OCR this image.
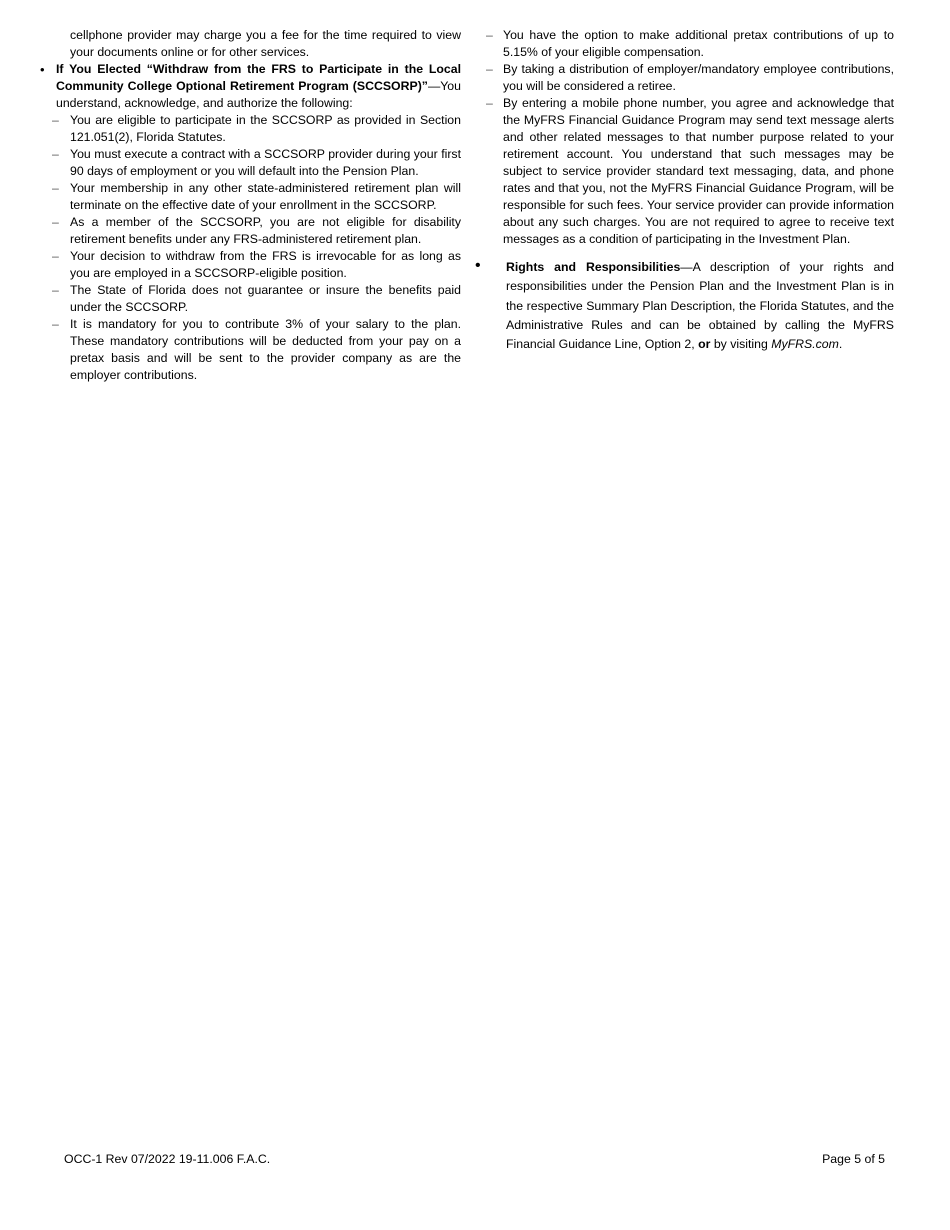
cellphone provider may charge you a fee for the time required to view your documents online or for other services.

• If You Elected “Withdraw from the FRS to Participate in the Local Community College Optional Retirement Program (SCCSORP)”—You understand, acknowledge, and authorize the following:

– You are eligible to participate in the SCCSORP as provided in Section 121.051(2), Florida Statutes.
– You must execute a contract with a SCCSORP provider during your first 90 days of employment or you will default into the Pension Plan.
– Your membership in any other state-administered retirement plan will terminate on the effective date of your enrollment in the SCCSORP.
– As a member of the SCCSORP, you are not eligible for disability retirement benefits under any FRS-administered retirement plan.
– Your decision to withdraw from the FRS is irrevocable for as long as you are employed in a SCCSORP-eligible position.
– The State of Florida does not guarantee or insure the benefits paid under the SCCSORP.
– It is mandatory for you to contribute 3% of your salary to the plan. These mandatory contributions will be deducted from your pay on a pretax basis and will be sent to the provider company as are the employer contributions.
– You have the option to make additional pretax contributions of up to 5.15% of your eligible compensation.
– By taking a distribution of employer/mandatory employee contributions, you will be considered a retiree.
– By entering a mobile phone number, you agree and acknowledge that the MyFRS Financial Guidance Program may send text message alerts and other related messages to that number purpose related to your retirement account. You understand that such messages may be subject to service provider standard text messaging, data, and phone rates and that you, not the MyFRS Financial Guidance Program, will be responsible for such fees. Your service provider can provide information about any such charges. You are not required to agree to receive text messages as a condition of participating in the Investment Plan.
•	Rights and Responsibilities—A description of your rights and responsibilities under the Pension Plan and the Investment Plan is in the respective Summary Plan Description, the Florida Statutes, and the Administrative Rules and can be obtained by calling the MyFRS Financial Guidance Line, Option 2, or by visiting MyFRS.com.

OCC-1 Rev 07/2022 19-11.006 F.A.C.	Page 5 of 5
